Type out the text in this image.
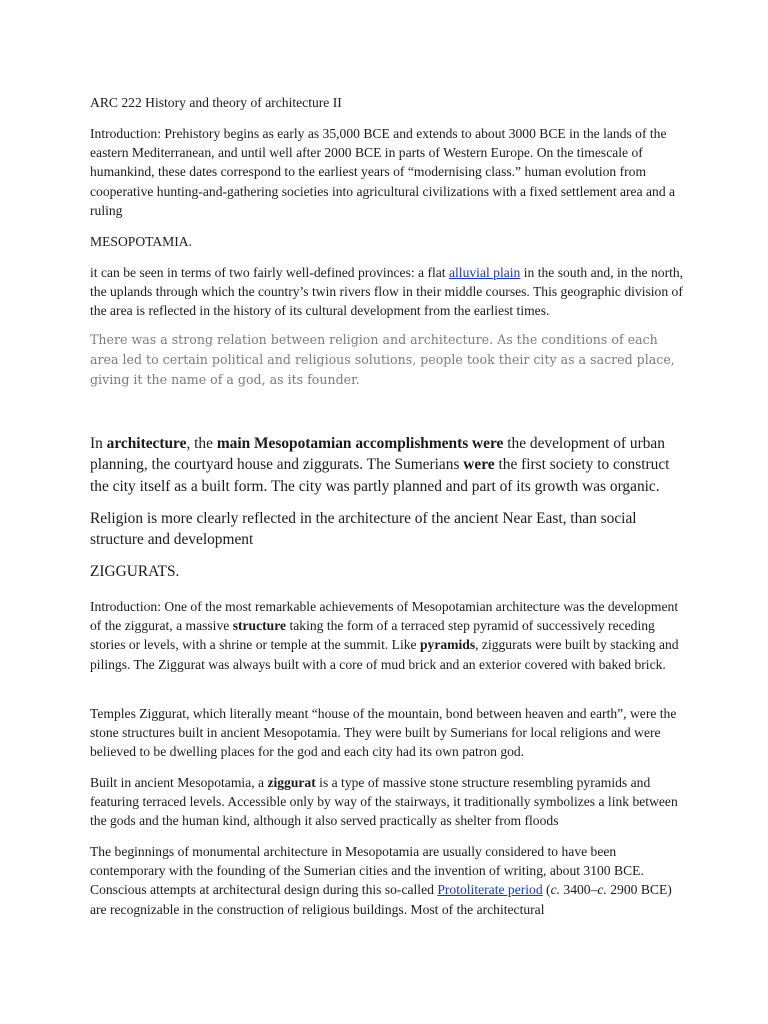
ARC 222 History and theory of architecture II

Introduction: Prehistory begins as early as 35,000 BCE and extends to about 3000 BCE in the lands of the eastern Mediterranean, and until well after 2000 BCE in parts of Western Europe. On the timescale of humankind, these dates correspond to the earliest years of “modernising class.” human evolution from cooperative hunting-and-gathering societies into agricultural civilizations with a fixed settlement area and a ruling

MESOPOTAMIA.

it can be seen in terms of two fairly well-defined provinces: a flat alluvial plain in the south and, in the north, the uplands through which the country’s twin rivers flow in their middle courses. This geographic division of the area is reflected in the history of its cultural development from the earliest times.

There was a strong relation between religion and architecture. As the conditions of each area led to certain political and religious solutions, people took their city as a sacred place, giving it the name of a god, as its founder.

In architecture, the main Mesopotamian accomplishments were the development of urban planning, the courtyard house and ziggurats. The Sumerians were the first society to construct the city itself as a built form. The city was partly planned and part of its growth was organic.

Religion is more clearly reflected in the architecture of the ancient Near East, than social structure and development

ZIGGURATS.

Introduction: One of the most remarkable achievements of Mesopotamian architecture was the development of the ziggurat, a massive structure taking the form of a terraced step pyramid of successively receding stories or levels, with a shrine or temple at the summit. Like pyramids, ziggurats were built by stacking and pilings. The Ziggurat was always built with a core of mud brick and an exterior covered with baked brick.

Temples Ziggurat, which literally meant “house of the mountain, bond between heaven and earth”, were the stone structures built in ancient Mesopotamia. They were built by Sumerians for local religions and were believed to be dwelling places for the god and each city had its own patron god.

Built in ancient Mesopotamia, a ziggurat is a type of massive stone structure resembling pyramids and featuring terraced levels. Accessible only by way of the stairways, it traditionally symbolizes a link between the gods and the human kind, although it also served practically as shelter from floods

The beginnings of monumental architecture in Mesopotamia are usually considered to have been contemporary with the founding of the Sumerian cities and the invention of writing, about 3100 BCE. Conscious attempts at architectural design during this so-called Protoliterate period (c. 3400–c. 2900 BCE) are recognizable in the construction of religious buildings. Most of the architectural
